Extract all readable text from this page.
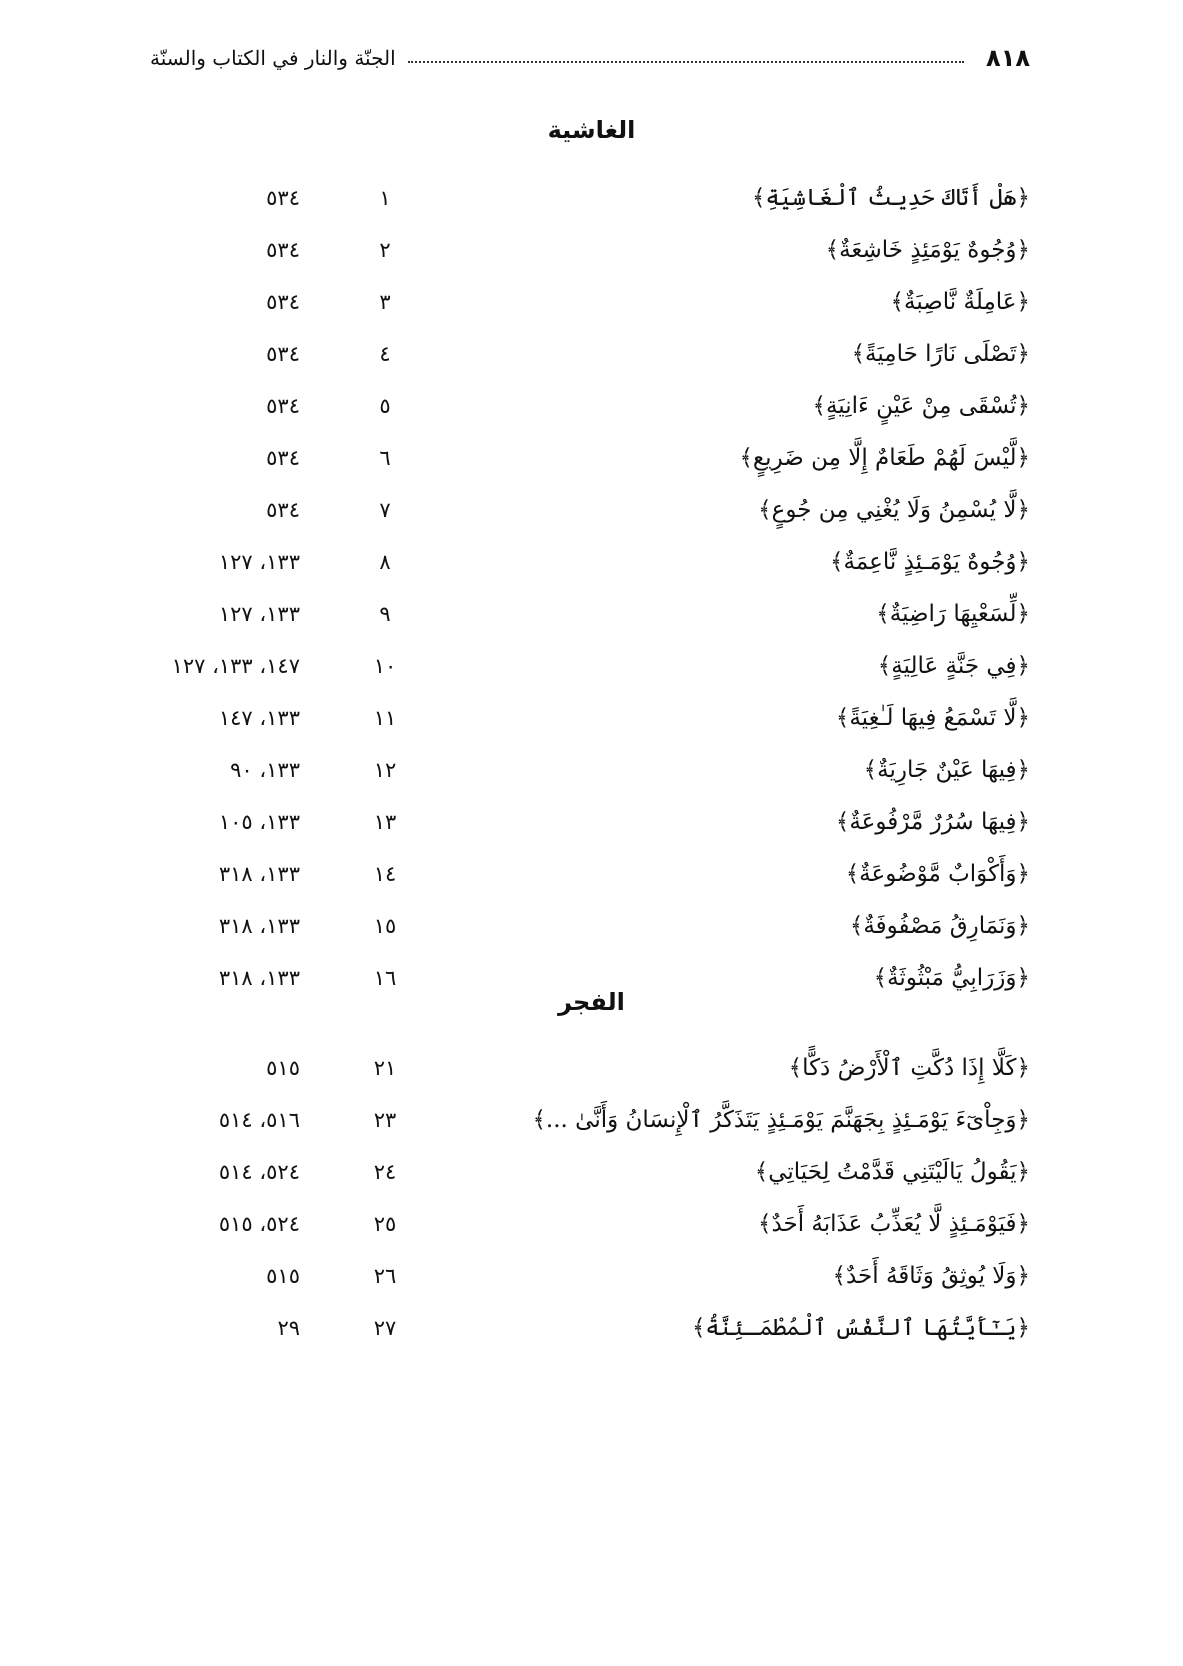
٨١٨
الجنّة والنار في الكتاب والسنّة
الغاشية
﴿هَلْ أَتَاكَ حَدِيثُ ٱلْغَاشِيَةِ﴾
١
٥٣٤
﴿وُجُوهٌ يَوْمَئِذٍ خَاشِعَةٌ﴾
٢
٥٣٤
﴿عَامِلَةٌ نَّاصِبَةٌ﴾
٣
٥٣٤
﴿تَصْلَى نَارًا حَامِيَةً﴾
٤
٥٣٤
﴿تُسْقَى مِنْ عَيْنٍ ءَانِيَةٍ﴾
٥
٥٣٤
﴿لَّيْسَ لَهُمْ طَعَامٌ إِلَّا مِن ضَرِيعٍ﴾
٦
٥٣٤
﴿لَّا يُسْمِنُ وَلَا يُغْنِي مِن جُوعٍ﴾
٧
٥٣٤
﴿وُجُوهٌ يَوْمَـئِذٍ نَّاعِمَةٌ﴾
٨
١٣٣، ١٢٧
﴿لِّسَعْيِهَا رَاضِيَةٌ﴾
٩
١٣٣، ١٢٧
﴿فِي جَنَّةٍ عَالِيَةٍ﴾
١٠
١٤٧، ١٣٣، ١٢٧
﴿لَّا تَسْمَعُ فِيهَا لَـٰغِيَةً﴾
١١
١٣٣، ١٤٧
﴿فِيهَا عَيْنٌ جَارِيَةٌ﴾
١٢
١٣٣، ٩٠
﴿فِيهَا سُرُرٌ مَّرْفُوعَةٌ﴾
١٣
١٣٣، ١٠٥
﴿وَأَكْوَابٌ مَّوْضُوعَةٌ﴾
١٤
١٣٣، ٣١٨
﴿وَنَمَارِقُ مَصْفُوفَةٌ﴾
١٥
١٣٣، ٣١٨
﴿وَزَرَابِيُّ مَبْثُوثَةٌ﴾
١٦
١٣٣، ٣١٨
الفجر
﴿كَلَّا إِذَا دُكَّتِ ٱلْأَرْضُ دَكًّا﴾
٢١
٥١٥
﴿وَجِاْىٓءَ يَوْمَـئِذٍ بِجَهَنَّمَ يَوْمَـئِذٍ يَتَذَكَّرُ ٱلْإِنسَانُ وَأَنَّىٰ ...﴾
٢٣
٥١٦، ٥١٤
﴿يَقُولُ يَالَيْتَنِي قَدَّمْتُ لِحَيَاتِي﴾
٢٤
٥٢٤، ٥١٤
﴿فَيَوْمَـئِذٍ لَّا يُعَذِّبُ عَذَابَهُ أَحَدٌ﴾
٢٥
٥٢٤، ٥١٥
﴿وَلَا يُوثِقُ وَثَاقَهُ أَحَدٌ﴾
٢٦
٥١٥
﴿يَـٰٓأَيَّتُهَا ٱلنَّفْسُ ٱلْمُطْمَـئِنَّةُ﴾
٢٧
٢٩
